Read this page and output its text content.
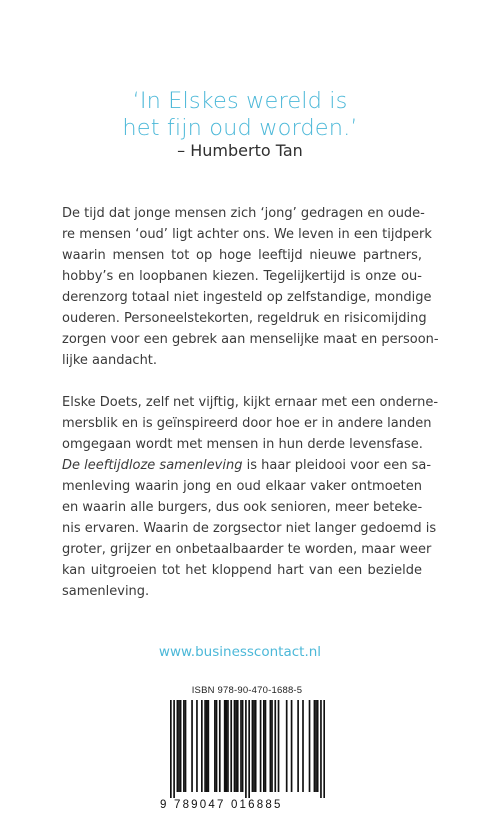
‘In Elskes wereld is
het fijn oud worden.’
– Humberto Tan
De tijd dat jonge mensen zich ‘jong’ gedragen en oude-
re mensen ‘oud’ ligt achter ons. We leven in een tijdperk
waarin mensen tot op hoge leeftijd nieuwe partners,
hobby’s en loopbanen kiezen. Tegelijkertijd is onze ou-
derenzorg totaal niet ingesteld op zelfstandige, mondige
ouderen. Personeelstekorten, regeldruk en risicomijding
zorgen voor een gebrek aan menselijke maat en persoon-
lijke aandacht.
Elske Doets, zelf net vijftig, kijkt ernaar met een onderne-
mersblik en is geïnspireerd door hoe er in andere landen
omgegaan wordt met mensen in hun derde levensfase.
De leeftijdloze samenleving is haar pleidooi voor een sa-
menleving waarin jong en oud elkaar vaker ontmoeten
en waarin alle burgers, dus ook senioren, meer beteke-
nis ervaren. Waarin de zorgsector niet langer gedoemd is
groter, grijzer en onbetaalbaarder te worden, maar weer
kan uitgroeien tot het kloppend hart van een bezielde
samenleving.
www.businesscontact.nl
ISBN 978-90-470-1688-5
9 789047 016885
